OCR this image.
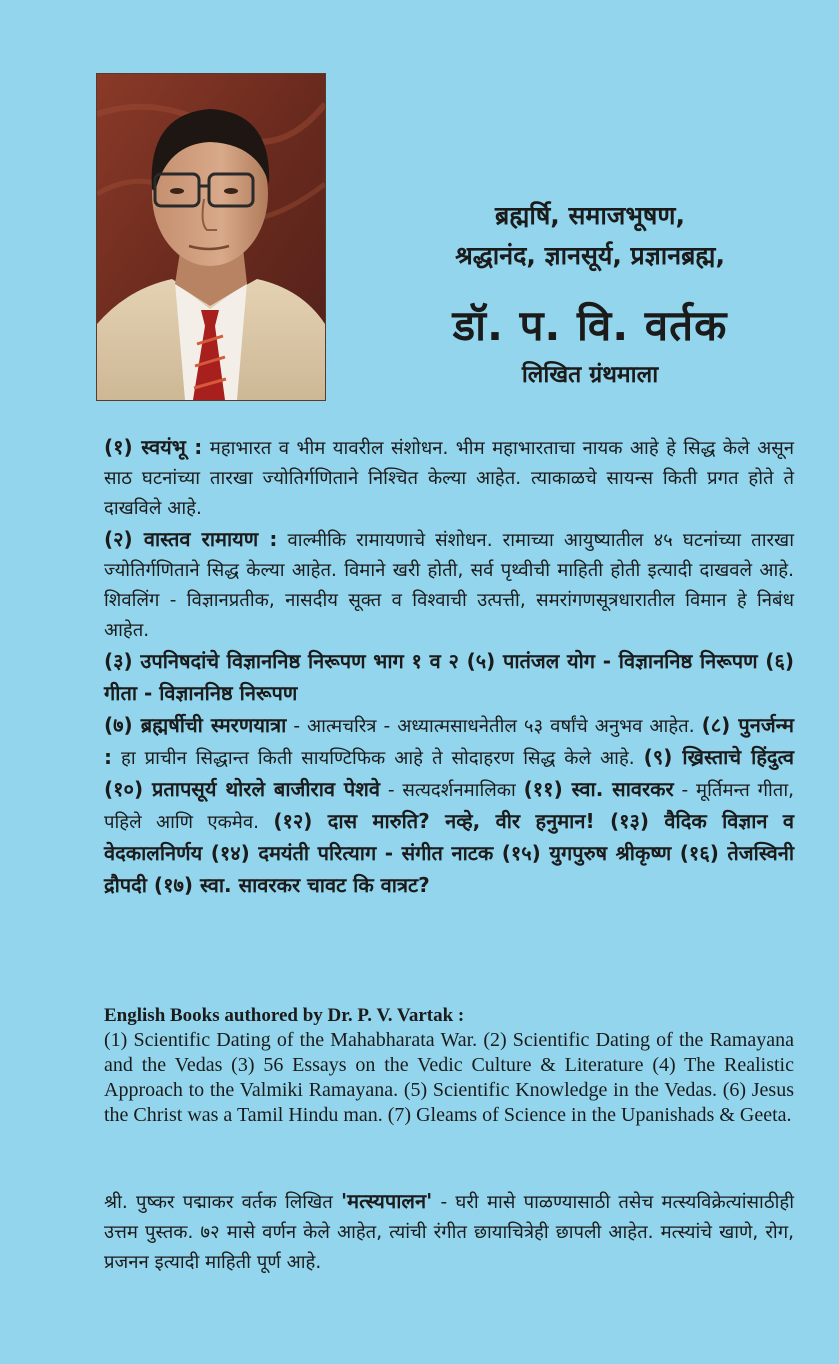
ब्रह्मर्षि, समाजभूषण,
श्रद्धानंद, ज्ञानसूर्य, प्रज्ञानब्रह्म,
डॉ. प. वि. वर्तक
लिखित ग्रंथमाला
(१) स्वयंभू : महाभारत व भीम यावरील संशोधन. भीम महाभारताचा नायक आहे हे सिद्ध केले असून साठ घटनांच्या तारखा ज्योतिर्गणिताने निश्चित केल्या आहेत. त्याकाळचे सायन्स किती प्रगत होते ते दाखविले आहे.
(२) वास्तव रामायण : वाल्मीकि रामायणाचे संशोधन. रामाच्या आयुष्यातील ४५ घटनांच्या तारखा ज्योतिर्गणिताने सिद्ध केल्या आहेत. विमाने खरी होती, सर्व पृथ्वीची माहिती होती इत्यादी दाखवले आहे. शिवलिंग - विज्ञानप्रतीक, नासदीय सूक्त व विश्वाची उत्पत्ती, समरांगणसूत्रधारातील विमान हे निबंध आहेत.
(३) उपनिषदांचे विज्ञाननिष्ठ निरूपण भाग १ व २ (५) पातंजल योग - विज्ञाननिष्ठ निरूपण (६) गीता - विज्ञाननिष्ठ निरूपण
(७) ब्रह्मर्षीची स्मरणयात्रा - आत्मचरित्र - अध्यात्मसाधनेतील ५३ वर्षांचे अनुभव आहेत. (८) पुनर्जन्म : हा प्राचीन सिद्धान्त किती सायण्टिफिक आहे ते सोदाहरण सिद्ध केले आहे. (९) ख्रिस्ताचे हिंदुत्व (१०) प्रतापसूर्य थोरले बाजीराव पेशवे - सत्यदर्शनमालिका (११) स्वा. सावरकर - मूर्तिमन्त गीता, पहिले आणि एकमेव. (१२) दास मारुति? नव्हे, वीर हनुमान! (१३) वैदिक विज्ञान व वेदकालनिर्णय (१४) दमयंती परित्याग - संगीत नाटक (१५) युगपुरुष श्रीकृष्ण (१६) तेजस्विनी द्रौपदी (१७) स्वा. सावरकर चावट कि वात्रट?
English Books authored by Dr. P. V. Vartak :
(1) Scientific Dating of the Mahabharata War. (2) Scientific Dating of the Ramayana and the Vedas (3) 56 Essays on the Vedic Culture & Literature (4) The Realistic Approach to the Valmiki Ramayana. (5) Scientific Knowledge in the Vedas. (6) Jesus the Christ was a Tamil Hindu man. (7) Gleams of Science in the Upanishads & Geeta.
श्री. पुष्कर पद्माकर वर्तक लिखित 'मत्स्यपालन' - घरी मासे पाळण्यासाठी तसेच मत्स्यविक्रेत्यांसाठीही उत्तम पुस्तक. ७२ मासे वर्णन केले आहेत, त्यांची रंगीत छायाचित्रेही छापली आहेत. मत्स्यांचे खाणे, रोग, प्रजनन इत्यादी माहिती पूर्ण आहे.
